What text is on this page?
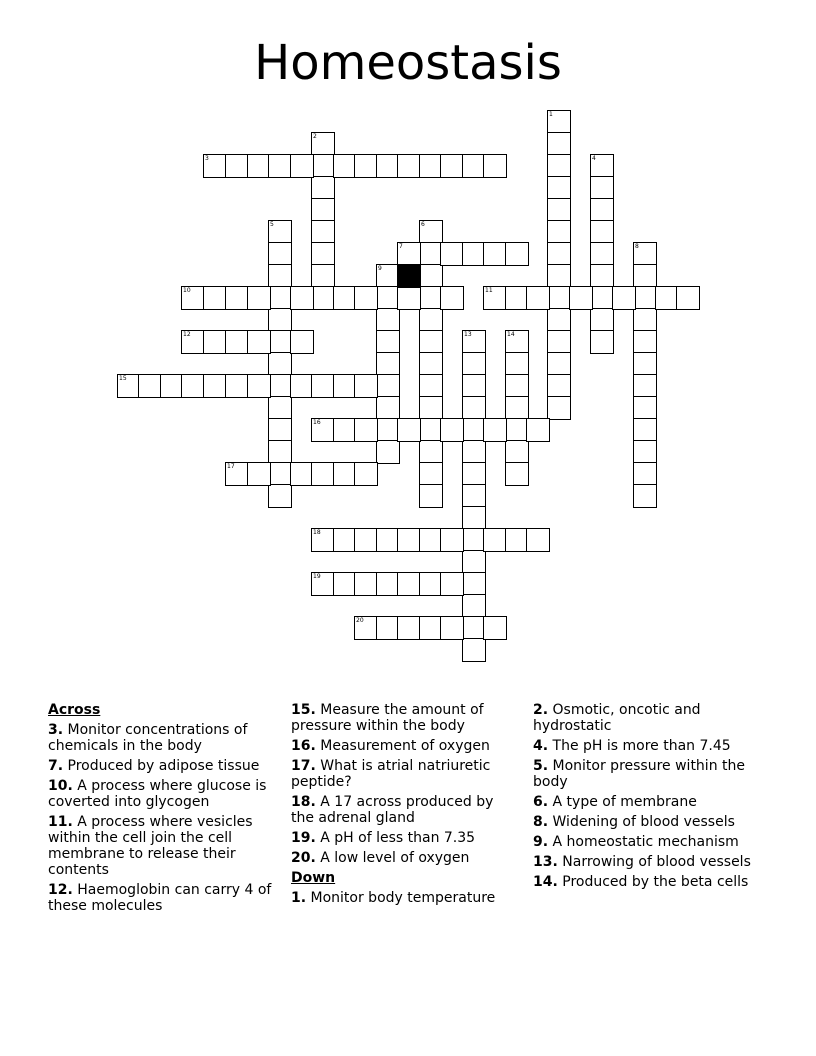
Homeostasis
1
2
3	4
5	6
7	8
9
10	11
12	13	14
15
16
17
18
19
20
Across
3. Monitor concentrations of chemicals in the body
7. Produced by adipose tissue
10. A process where glucose is coverted into glycogen
11. A process where vesicles within the cell join the cell membrane to release their contents
12. Haemoglobin can carry 4 of these molecules
15. Measure the amount of pressure within the body
16. Measurement of oxygen
17. What is atrial natriuretic peptide?
18. A 17 across produced by the adrenal gland
19. A pH of less than 7.35
20. A low level of oxygen
Down
1. Monitor body temperature
2. Osmotic, oncotic and hydrostatic
4. The pH is more than 7.45
5. Monitor pressure within the body
6. A type of membrane
8. Widening of blood vessels
9. A homeostatic mechanism
13. Narrowing of blood vessels
14. Produced by the beta cells
